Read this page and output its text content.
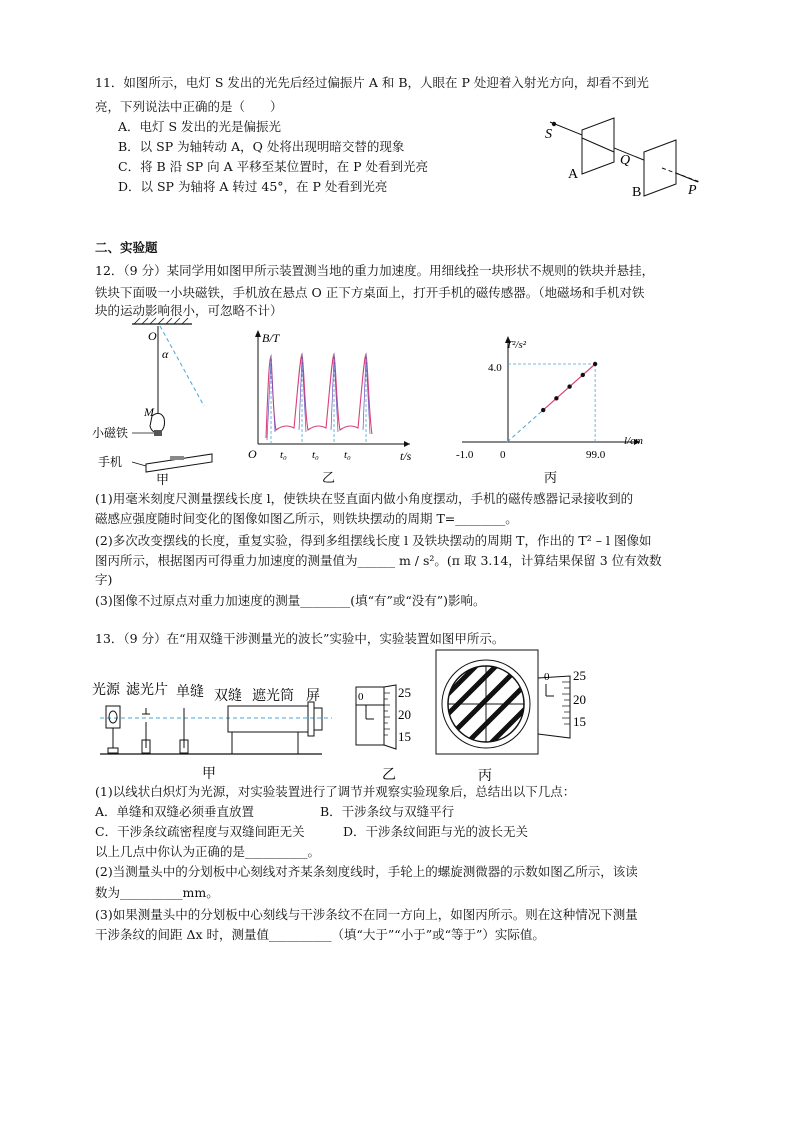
11．如图所示，电灯 S 发出的光先后经过偏振片 A 和 B，人眼在 P 处迎着入射光方向，却看不到光
亮，下列说法中正确的是（　　）
A．电灯 S 发出的光是偏振光
B．以 SP 为轴转动 A，Q 处将出现明暗交替的现象
C．将 B 沿 SP 向 A 平移至某位置时，在 P 处看到光亮
D．以 SP 为轴将 A 转过 45°，在 P 处看到光亮
S
A
Q
B	P
二、实验题
12．（9 分）某同学用如图甲所示装置测当地的重力加速度。用细线拴一块形状不规则的铁块并悬挂，
铁块下面吸一小块磁铁，手机放在悬点 O 正下方桌面上，打开手机的磁传感器。（地磁场和手机对铁
块的运动影响很小，可忽略不计）
O
α
M
小磁铁
手机
甲
B/T
t/s
O t₀ t₀ t₀
乙
4.0
-1.0 0	99.0
T²/s²
l/cm
丙
(1)用毫米刻度尺测量摆线长度 l，使铁块在竖直面内做小角度摆动，手机的磁传感器记录接收到的
磁感应强度随时间变化的图像如图乙所示，则铁块摆动的周期 T=________。
(2)多次改变摆线的长度，重复实验，得到多组摆线长度 l 及铁块摆动的周期 T，作出的 T² – l 图像如
图丙所示，根据图丙可得重力加速度的测量值为______ m / s²。(π 取 3.14，计算结果保留 3 位有效数
字)
(3)图像不过原点对重力加速度的测量________(填“有”或“没有”)影响。
13．（9 分）在“用双缝干涉测量光的波长”实验中，实验装置如图甲所示。
光源 滤光片 单缝 双缝 遮光筒 屏
甲
0	25
20
15
乙
0 25
20
15
丙
(1)以线状白炽灯为光源，对实验装置进行了调节并观察实验现象后，总结出以下几点：
A．单缝和双缝必须垂直放置	B．干涉条纹与双缝平行
C．干涉条纹疏密程度与双缝间距无关	D．干涉条纹间距与光的波长无关
以上几点中你认为正确的是__________。
(2)当测量头中的分划板中心刻线对齐某条刻度线时，手轮上的螺旋测微器的示数如图乙所示，该读
数为__________mm。
(3)如果测量头中的分划板中心刻线与干涉条纹不在同一方向上，如图丙所示。则在这种情况下测量
干涉条纹的间距 Δx 时，测量值__________（填“大于”“小于”或“等于”）实际值。
